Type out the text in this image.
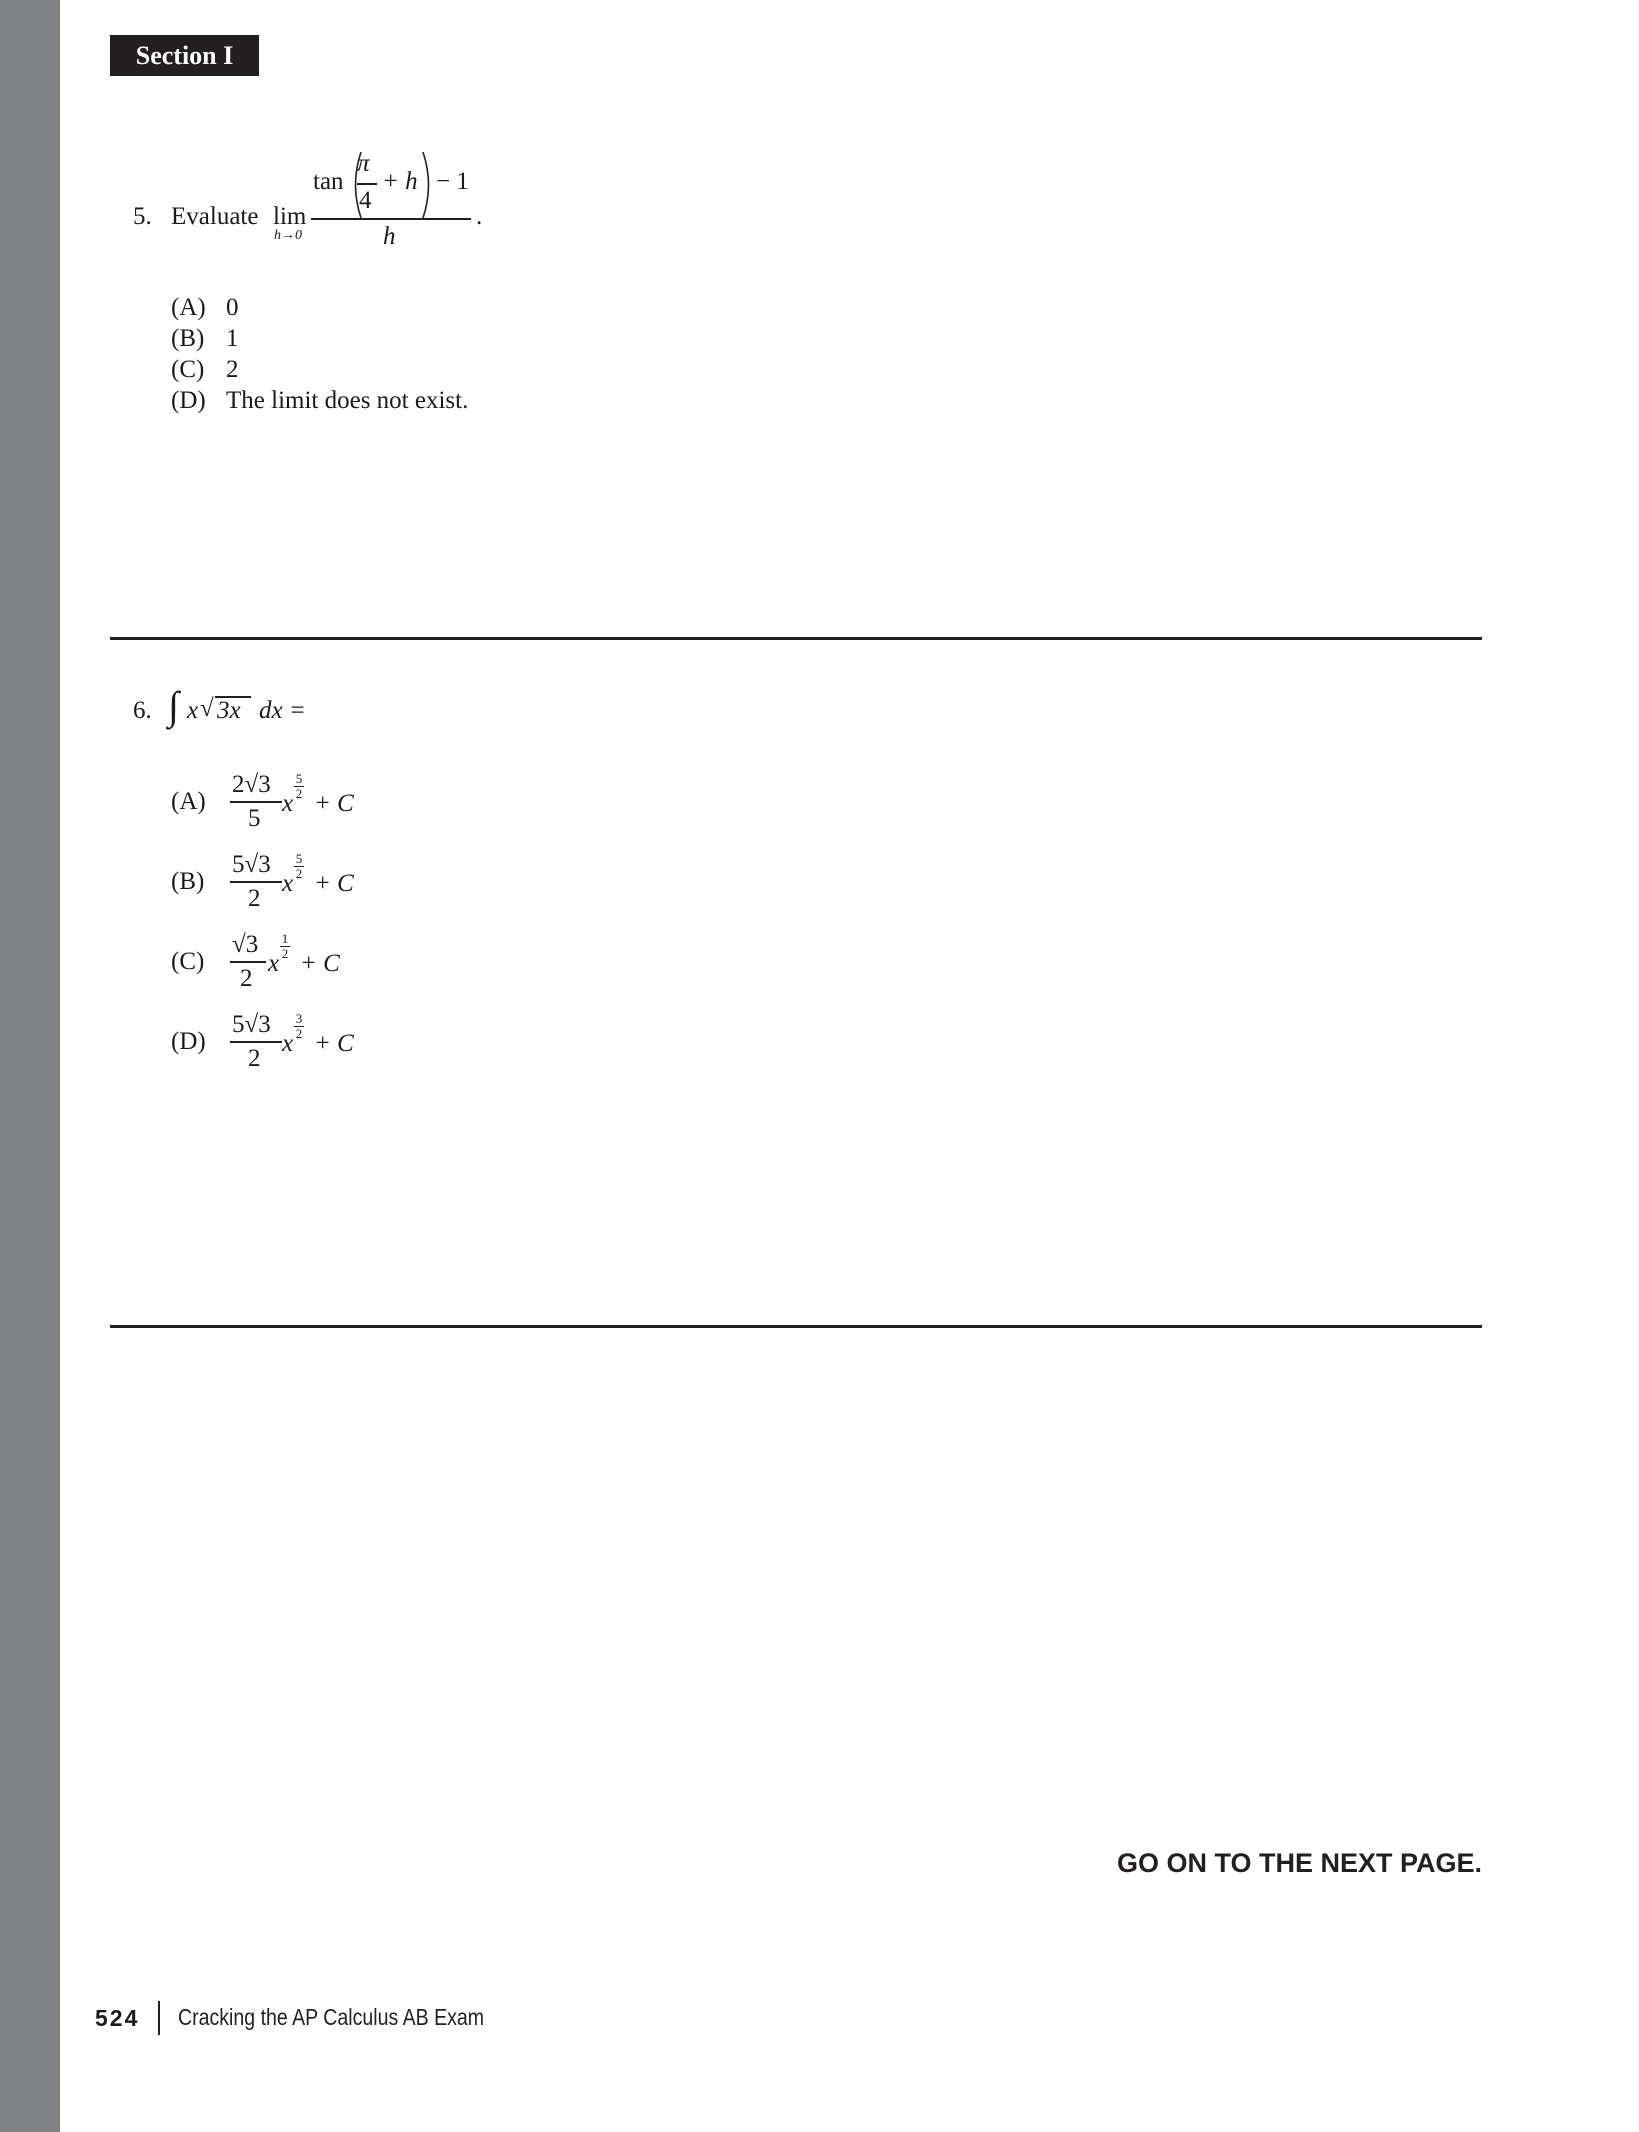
Section I
5. Evaluate lim
h→0
tan
π
4
+ h − 1
h
.
(A) 0
(B) 1
(C) 2
(D) The limit does not exist.
6. ∫ x √ 3x dx =
(A)
2√3
5
x
5
2 + C
(B)
5√3
2
x
5
2 + C
(C)
√3
2
x
1
2 + C
(D)
5√3
2
x
3
2 + C
GO ON TO THE NEXT PAGE.
524 Cracking the AP Calculus AB Exam
